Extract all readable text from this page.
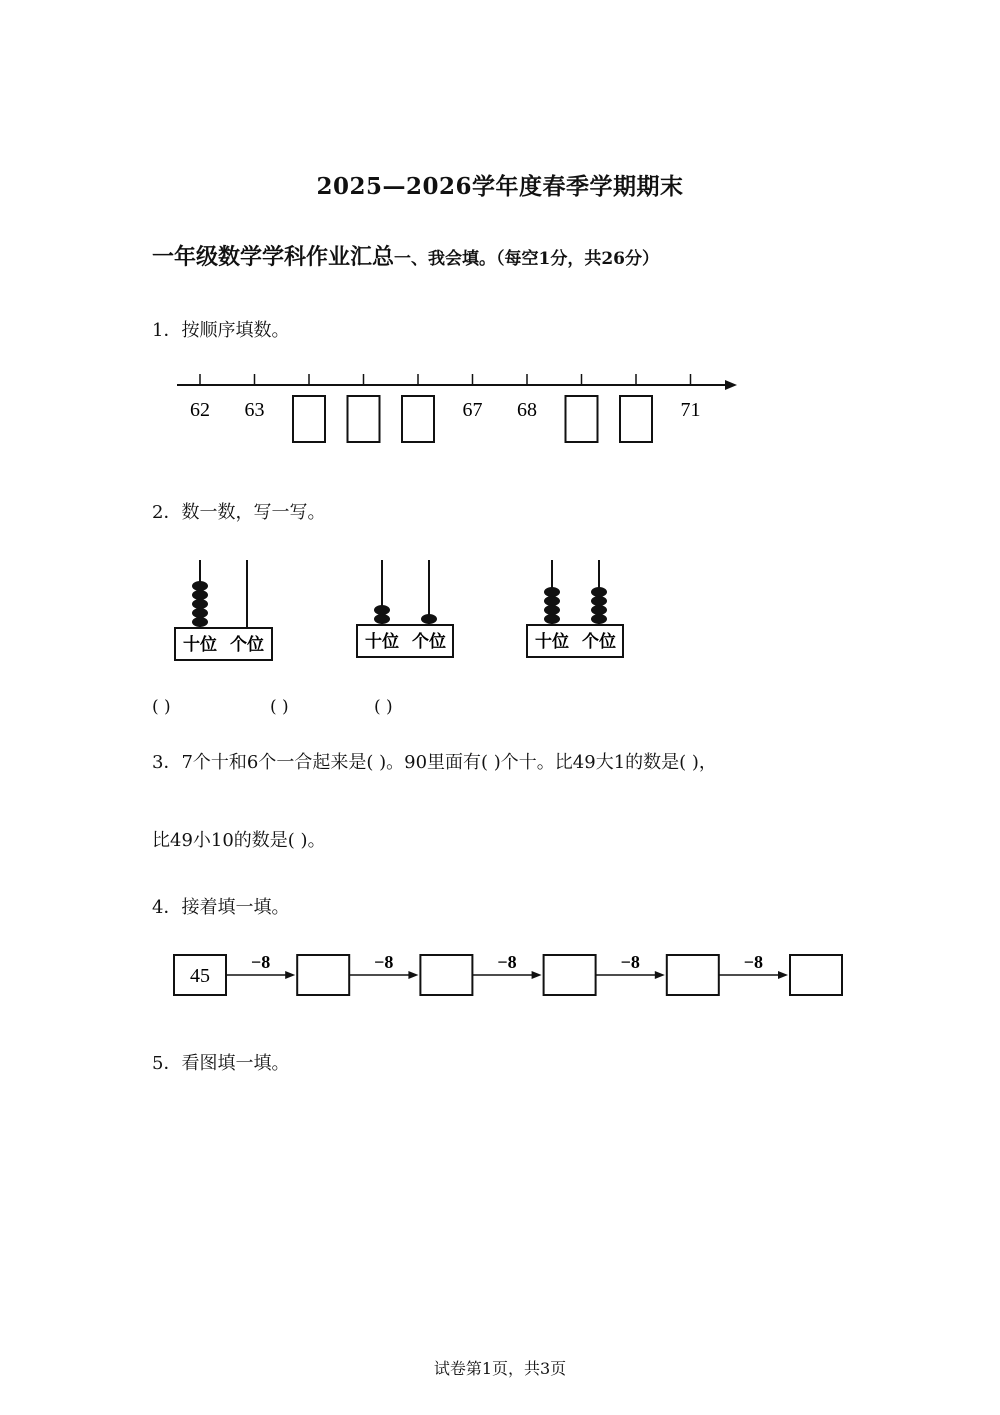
2025—2026学年度春季学期期末
一年级数学学科作业汇总一、我会填。（每空1分，共26分）
1．按顺序填数。
62 63	67 68	71
2．数一数，写一写。
十位 个位	十位 个位	十位 个位
( )	( )	( )
3．7个十和6个一合起来是( )。90里面有( )个十。比49大1的数是( )，
比49小10的数是( )。
4．接着填一填。
45
−8	−8	−8	−8	−8
5．看图填一填。
试卷第1页，共3页
